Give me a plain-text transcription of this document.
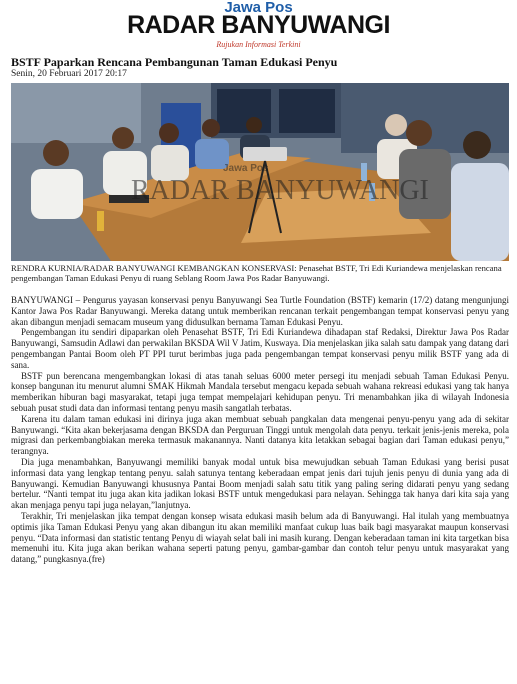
Jawa Pos
RADAR BANYUWANGI
Rujukan Informasi Terkini
BSTF Paparkan Rencana Pembangunan Taman Edukasi Penyu
Senin, 20 Februari 2017 20:17
Jawa Pos
RADAR BANYUWANGI
RENDRA KURNIA/RADAR BANYUWANGI KEMBANGKAN KONSERVASI: Penasehat BSTF, Tri Edi Kuriandewa menjelaskan rencana pengembangan Taman Edukasi Penyu di ruang Seblang Room Jawa Pos Radar Banyuwangi.

BANYUWANGI – Pengurus yayasan konservasi penyu Banyuwangi Sea Turtle Foundation (BSTF) kemarin (17/2) datang mengunjungi Kantor Jawa Pos Radar Banyuwangi. Mereka datang untuk memberikan rencanan terkait pengembangan tempat konservasi penyu yang akan dibangun menjadi semacam museum yang didusulkan bernama Taman Edukasi Penyu.

Pengembangan itu sendiri dipaparkan oleh Penasehat BSTF, Tri Edi Kuriandewa dihadapan staf Redaksi, Direktur Jawa Pos Radar Banyuwangi, Samsudin Adlawi dan perwakilan BKSDA Wil V Jatim, Kuswaya. Dia menjelaskan jika salah satu dampak yang datang dari pengembangan Pantai Boom oleh PT PPI turut berimbas juga pada pengembangan tempat konservasi penyu milik BSTF yang ada di sana.

BSTF pun berencana mengembangkan lokasi di atas tanah seluas 6000 meter persegi itu menjadi sebuah Taman Edukasi Penyu. konsep bangunan itu menurut alumni SMAK Hikmah Mandala tersebut mengacu kepada sebuah wahana rekreasi edukasi yang tak hanya memberikan hiburan bagi masyarakat, tetapi juga tempat mempelajari kehidupan penyu. Tri menambahkan jika di wilayah Indonesia sebuah pusat studi data dan informasi tentang penyu masih sangatlah terbatas.

Karena itu dalam taman edukasi ini dirinya juga akan membuat sebuah pangkalan data mengenai penyu-penyu yang ada di sekitar Banyuwangi. “Kita akan bekerjasama dengan BKSDA dan Perguruan Tinggi untuk mengolah data penyu. terkait jenis-jenis mereka, pola migrasi dan perkembangbiakan mereka termasuk makanannya. Nanti datanya kita letakkan sebagai bagian dari Taman edukasi penyu,” terangnya.

Dia juga menambahkan, Banyuwangi memiliki banyak modal untuk bisa mewujudkan sebuah Taman Edukasi yang berisi pusat informasi data yang lengkap tentang penyu. salah satunya tentang keberadaan empat jenis dari tujuh jenis penyu di dunia yang ada di Banyuwangi. Kemudian Banyuwangi khususnya Pantai Boom menjadi salah satu titik yang paling sering didarati penyu yang sedang bertelur. “Nanti tempat itu juga akan kita jadikan lokasi BSTF untuk mengedukasi para nelayan. Sehingga tak hanya dari kita saja yang akan menjaga penyu tapi juga nelayan,”lanjutnya.

Terakhir, Tri menjelaskan jika tempat dengan konsep wisata edukasi masih belum ada di Banyuwangi. Hal itulah yang membuatnya optimis jika Taman Edukasi Penyu yang akan dibangun itu akan memiliki manfaat cukup luas baik bagi masyarakat maupun konservasi penyu. “Data informasi dan statistic tentang Penyu di wiayah selat bali ini masih kurang. Dengan keberadaan taman ini kita targetkan bisa memenuhi itu. Kita juga akan berikan wahana seperti patung penyu, gambar-gambar dan contoh telur penyu untuk masyarakat yang datang,” pungkasnya.(fre)
